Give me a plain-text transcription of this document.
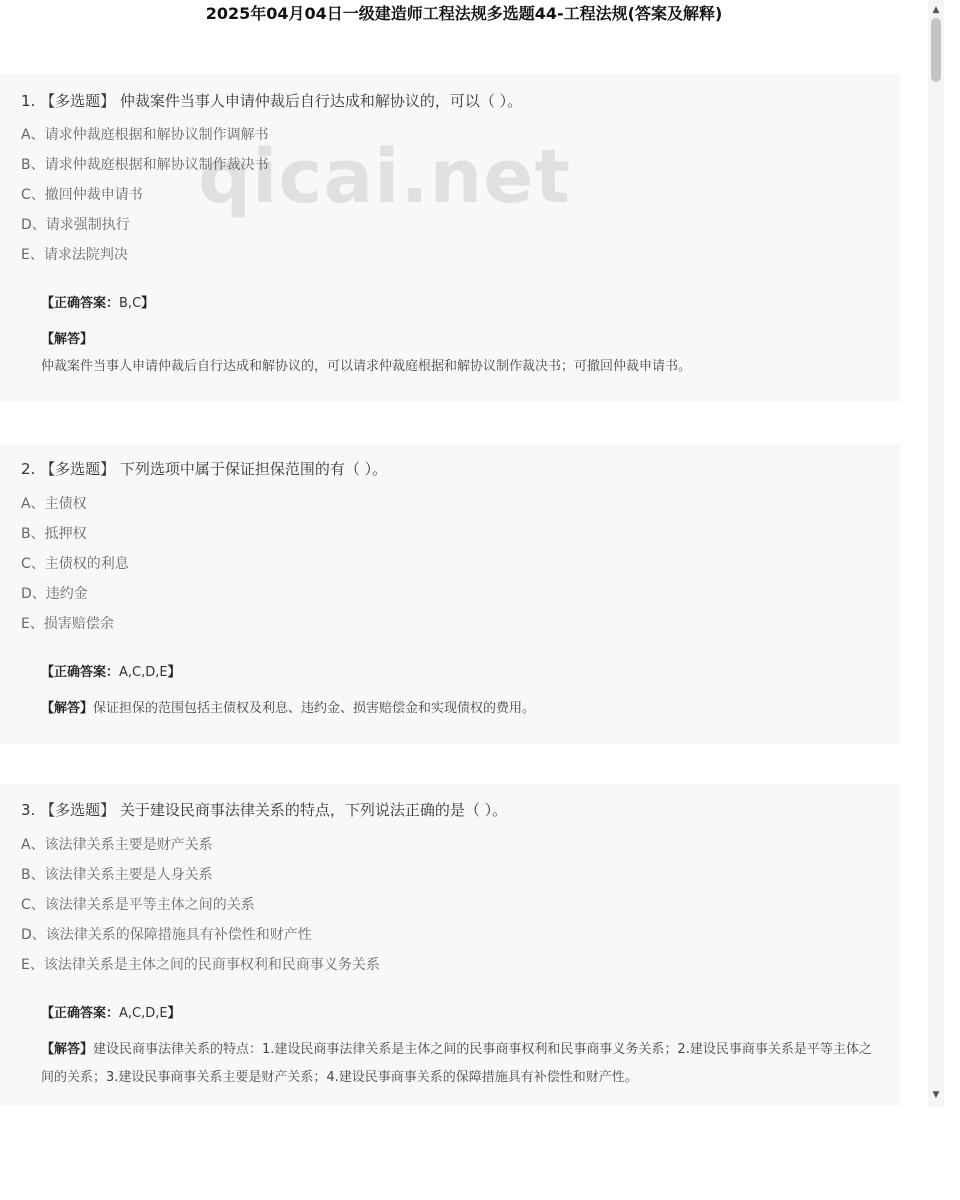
2025年04月04日一级建造师工程法规多选题44-工程法规(答案及解释)
1. 【多选题】 仲裁案件当事人申请仲裁后自行达成和解协议的，可以（ ）。
A、请求仲裁庭根据和解协议制作调解书
B、请求仲裁庭根据和解协议制作裁决书
C、撤回仲裁申请书
D、请求强制执行
E、请求法院判决
【正确答案：B,C】
【解答】
仲裁案件当事人申请仲裁后自行达成和解协议的，可以请求仲裁庭根据和解协议制作裁决书；可撤回仲裁申请书。
2. 【多选题】 下列选项中属于保证担保范围的有（ ）。
A、主债权
B、抵押权
C、主债权的利息
D、违约金
E、损害赔偿余
【正确答案：A,C,D,E】
【解答】保证担保的范围包括主债权及利息、违约金、损害赔偿金和实现债权的费用。
3. 【多选题】 关于建设民商事法律关系的特点，下列说法正确的是（ ）。
A、该法律关系主要是财产关系
B、该法律关系主要是人身关系
C、该法律关系是平等主体之间的关系
D、该法律关系的保障措施具有补偿性和财产性
E、该法律关系是主体之间的民商事权利和民商事义务关系
【正确答案：A,C,D,E】
【解答】建设民商事法律关系的特点：1.建设民商事法律关系是主体之间的民事商事权利和民事商事义务关系；2.建设民事商事关系是平等主体之间的关系；3.建设民事商事关系主要是财产关系；4.建设民事商事关系的保障措施具有补偿性和财产性。
qicai.net
▲
▼
